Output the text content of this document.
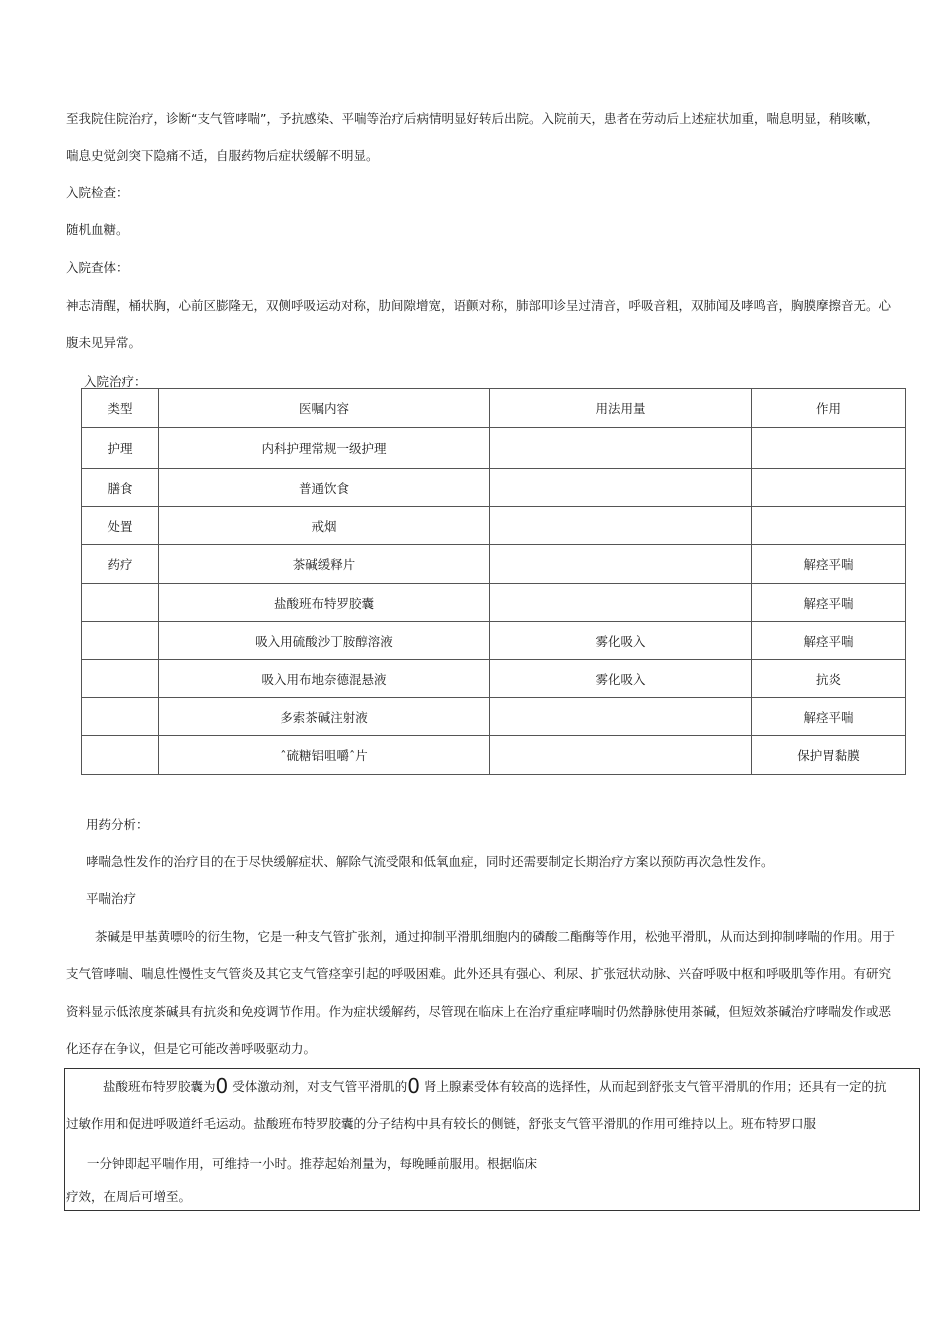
至我院住院治疗，诊断“支气管哮喘”，予抗感染、平喘等治疗后病情明显好转后出院。入院前天，患者在劳动后上述症状加重，喘息明显，稍咳嗽，
喘息史觉剑突下隐痛不适，自服药物后症状缓解不明显。
入院检查：
随机血糖。
入院查体：
神志清醒，桶状胸，心前区膨隆无，双侧呼吸运动对称，肋间隙增宽，语颤对称，肺部叩诊呈过清音，呼吸音粗，双肺闻及哮鸣音，胸膜摩擦音无。心
腹未见异常。
入院治疗：
类型	医嘱内容	用法用量	作用
护理	内科护理常规一级护理		
膳食	普通饮食		
处置	戒烟		
药疗	茶碱缓释片		解痉平喘
	盐酸班布特罗胶囊		解痉平喘
	吸入用硫酸沙丁胺醇溶液	雾化吸入	解痉平喘
	吸入用布地奈德混悬液	雾化吸入	抗炎
	多索茶碱注射液		解痉平喘
	ˆ硫糖铝咀嚼ˆ片		保护胃黏膜
用药分析：
哮喘急性发作的治疗目的在于尽快缓解症状、解除气流受限和低氧血症，同时还需要制定长期治疗方案以预防再次急性发作。
平喘治疗
茶碱是甲基黄嘌呤的衍生物，它是一种支气管扩张剂，通过抑制平滑肌细胞内的磷酸二酯酶等作用，松弛平滑肌，从而达到抑制哮喘的作用。用于
支气管哮喘、喘息性慢性支气管炎及其它支气管痉挛引起的呼吸困难。此外还具有强心、利尿、扩张冠状动脉、兴奋呼吸中枢和呼吸肌等作用。有研究
资料显示低浓度茶碱具有抗炎和免疫调节作用。作为症状缓解药，尽管现在临床上在治疗重症哮喘时仍然静脉使用茶碱，但短效茶碱治疗哮喘发作或恶
化还存在争议，但是它可能改善呼吸驱动力。
盐酸班布特罗胶囊为0 受体激动剂，对支气管平滑肌的0 肾上腺素受体有较高的选择性，从而起到舒张支气管平滑肌的作用；还具有一定的抗
过敏作用和促进呼吸道纤毛运动。盐酸班布特罗胶囊的分子结构中具有较长的侧链，舒张支气管平滑肌的作用可维持以上。班布特罗口服
一分钟即起平喘作用，可维持一小时。推荐起始剂量为，每晚睡前服用。根据临床
疗效，在周后可增至。
